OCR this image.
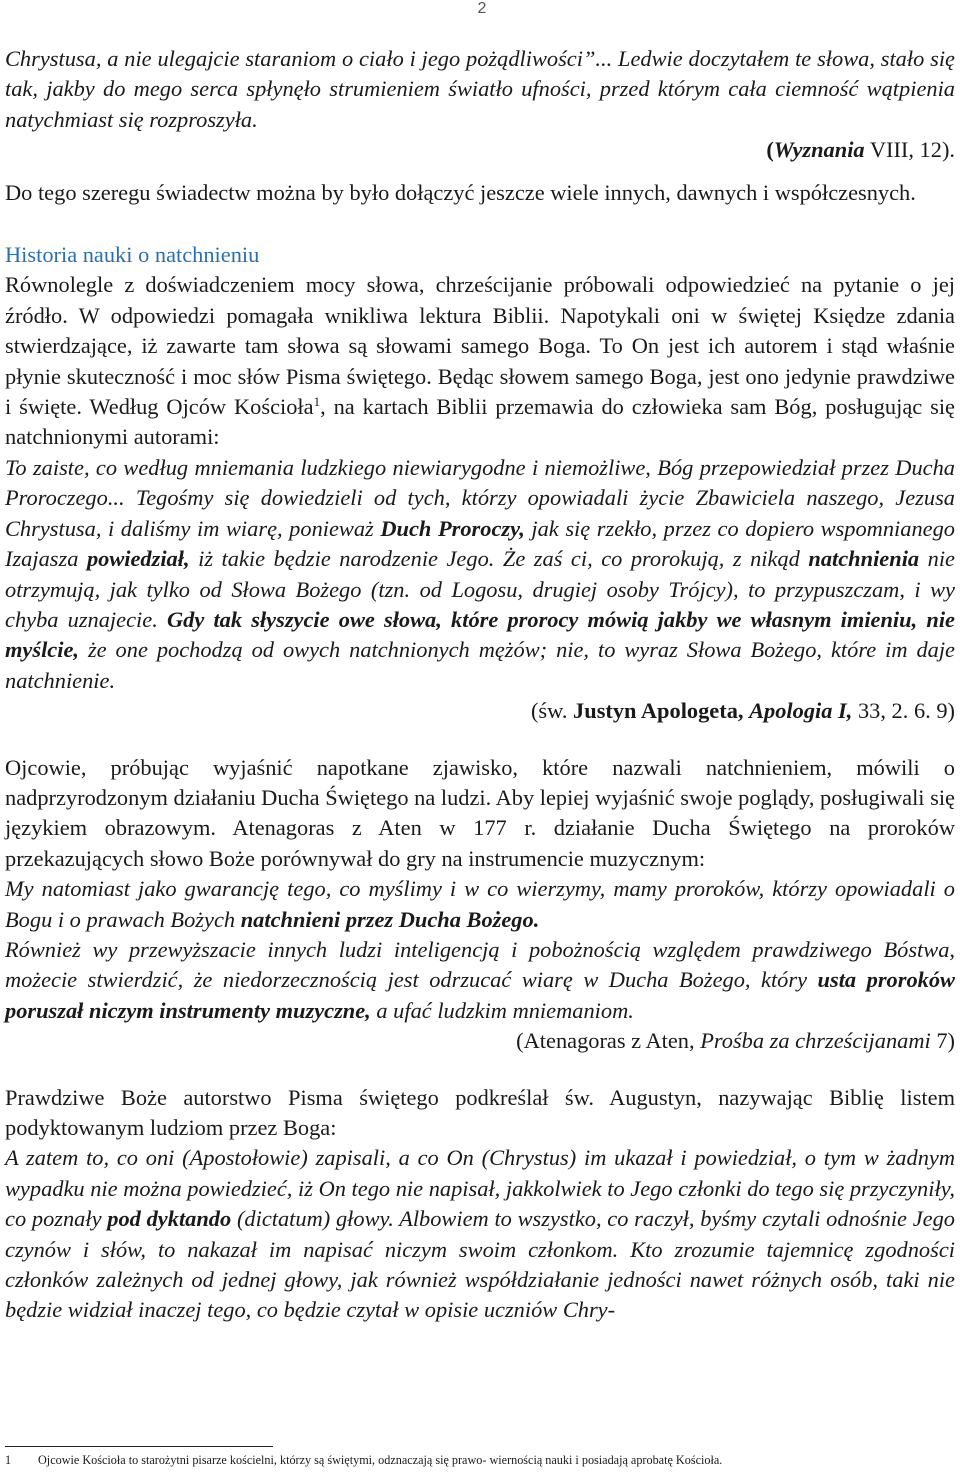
2

Chrystusa, a nie ulegajcie staraniom o ciało i jego pożądliwości”... Ledwie doczytałem te słowa, stało się tak, jakby do mego serca spłynęło strumieniem światło ufności, przed którym cała ciemność wątpienia natychmiast się rozproszyła.

(Wyznania VIII, 12).

Do tego szeregu świadectw można by było dołączyć jeszcze wiele innych, dawnych i współczesnych.

Historia nauki o natchnieniu

Równolegle z doświadczeniem mocy słowa, chrześcijanie próbowali odpowiedzieć na pytanie o jej źródło. W odpowiedzi pomagała wnikliwa lektura Biblii. Napotykali oni w świętej Księdze zdania stwierdzające, iż zawarte tam słowa są słowami samego Boga. To On jest ich autorem i stąd właśnie płynie skuteczność i moc słów Pisma świętego. Będąc słowem samego Boga, jest ono jedynie prawdziwe i święte. Według Ojców Kościoła$^1$, na kartach Biblii przemawia do człowieka sam Bóg, posługując się natchnionymi autorami:

To zaiste, co według mniemania ludzkiego niewiarygodne i niemożliwe, Bóg przepowiedział przez Ducha Proroczego... Tegośmy się dowiedzieli od tych, którzy opowiadali życie Zbawiciela naszego, Jezusa Chrystusa, i daliśmy im wiarę, ponieważ Duch Proroczy, jak się rzekło, przez co dopiero wspomnianego Izajasza powiedział, iż takie będzie narodzenie Jego. Że zaś ci, co prorokują, z nikąd natchnienia nie otrzymują, jak tylko od Słowa Bożego (tzn. od Logosu, drugiej osoby Trójcy), to przypuszczam, i wy chyba uznajecie. Gdy tak słyszycie owe słowa, które prorocy mówią jakby we własnym imieniu, nie myślcie, że one pochodzą od owych natchnionych mężów; nie, to wyraz Słowa Bożego, które im daje natchnienie.

(św. Justyn Apologeta, Apologia I, 33, 2. 6. 9)

Ojcowie, próbując wyjaśnić napotkane zjawisko, które nazwali natchnieniem, mówili o nadprzyrodzonym działaniu Ducha Świętego na ludzi. Aby lepiej wyjaśnić swoje poglądy, posługiwali się językiem obrazowym. Atenagoras z Aten w 177 r. działanie Ducha Świętego na proroków przekazujących słowo Boże porównywał do gry na instrumencie muzycznym:

My natomiast jako gwarancję tego, co myślimy i w co wierzymy, mamy proroków, którzy opowiadali o Bogu i o prawach Bożych natchnieni przez Ducha Bożego.

Również wy przewyższacie innych ludzi inteligencją i pobożnością względem prawdziwego Bóstwa, możecie stwierdzić, że niedorzecznością jest odrzucać wiarę w Ducha Bożego, który usta proroków poruszał niczym instrumenty muzyczne, a ufać ludzkim mniemaniom.

(Atenagoras z Aten, Prośba za chrześcijanami 7)

Prawdziwe Boże autorstwo Pisma świętego podkreślał św. Augustyn, nazywając Biblię listem podyktowanym ludziom przez Boga:

A zatem to, co oni (Apostołowie) zapisali, a co On (Chrystus) im ukazał i powiedział, o tym w żadnym wypadku nie można powiedzieć, iż On tego nie napisał, jakkolwiek to Jego członki do tego się przyczyniły, co poznały pod dyktando (dictatum) głowy. Albowiem to wszystko, co raczył, byśmy czytali odnośnie Jego czynów i słów, to nakazał im napisać niczym swoim członkom. Kto zrozumie tajemnicę zgodności członków zależnych od jednej głowy, jak również współdziałanie jedności nawet różnych osób, taki nie będzie widział inaczej tego, co będzie czytał w opisie uczniów Chry-

1 Ojcowie Kościoła to starożytni pisarze kościelni, którzy są świętymi, odznaczają się prawo- wiernością nauki i posiadają aprobatę Kościoła.
